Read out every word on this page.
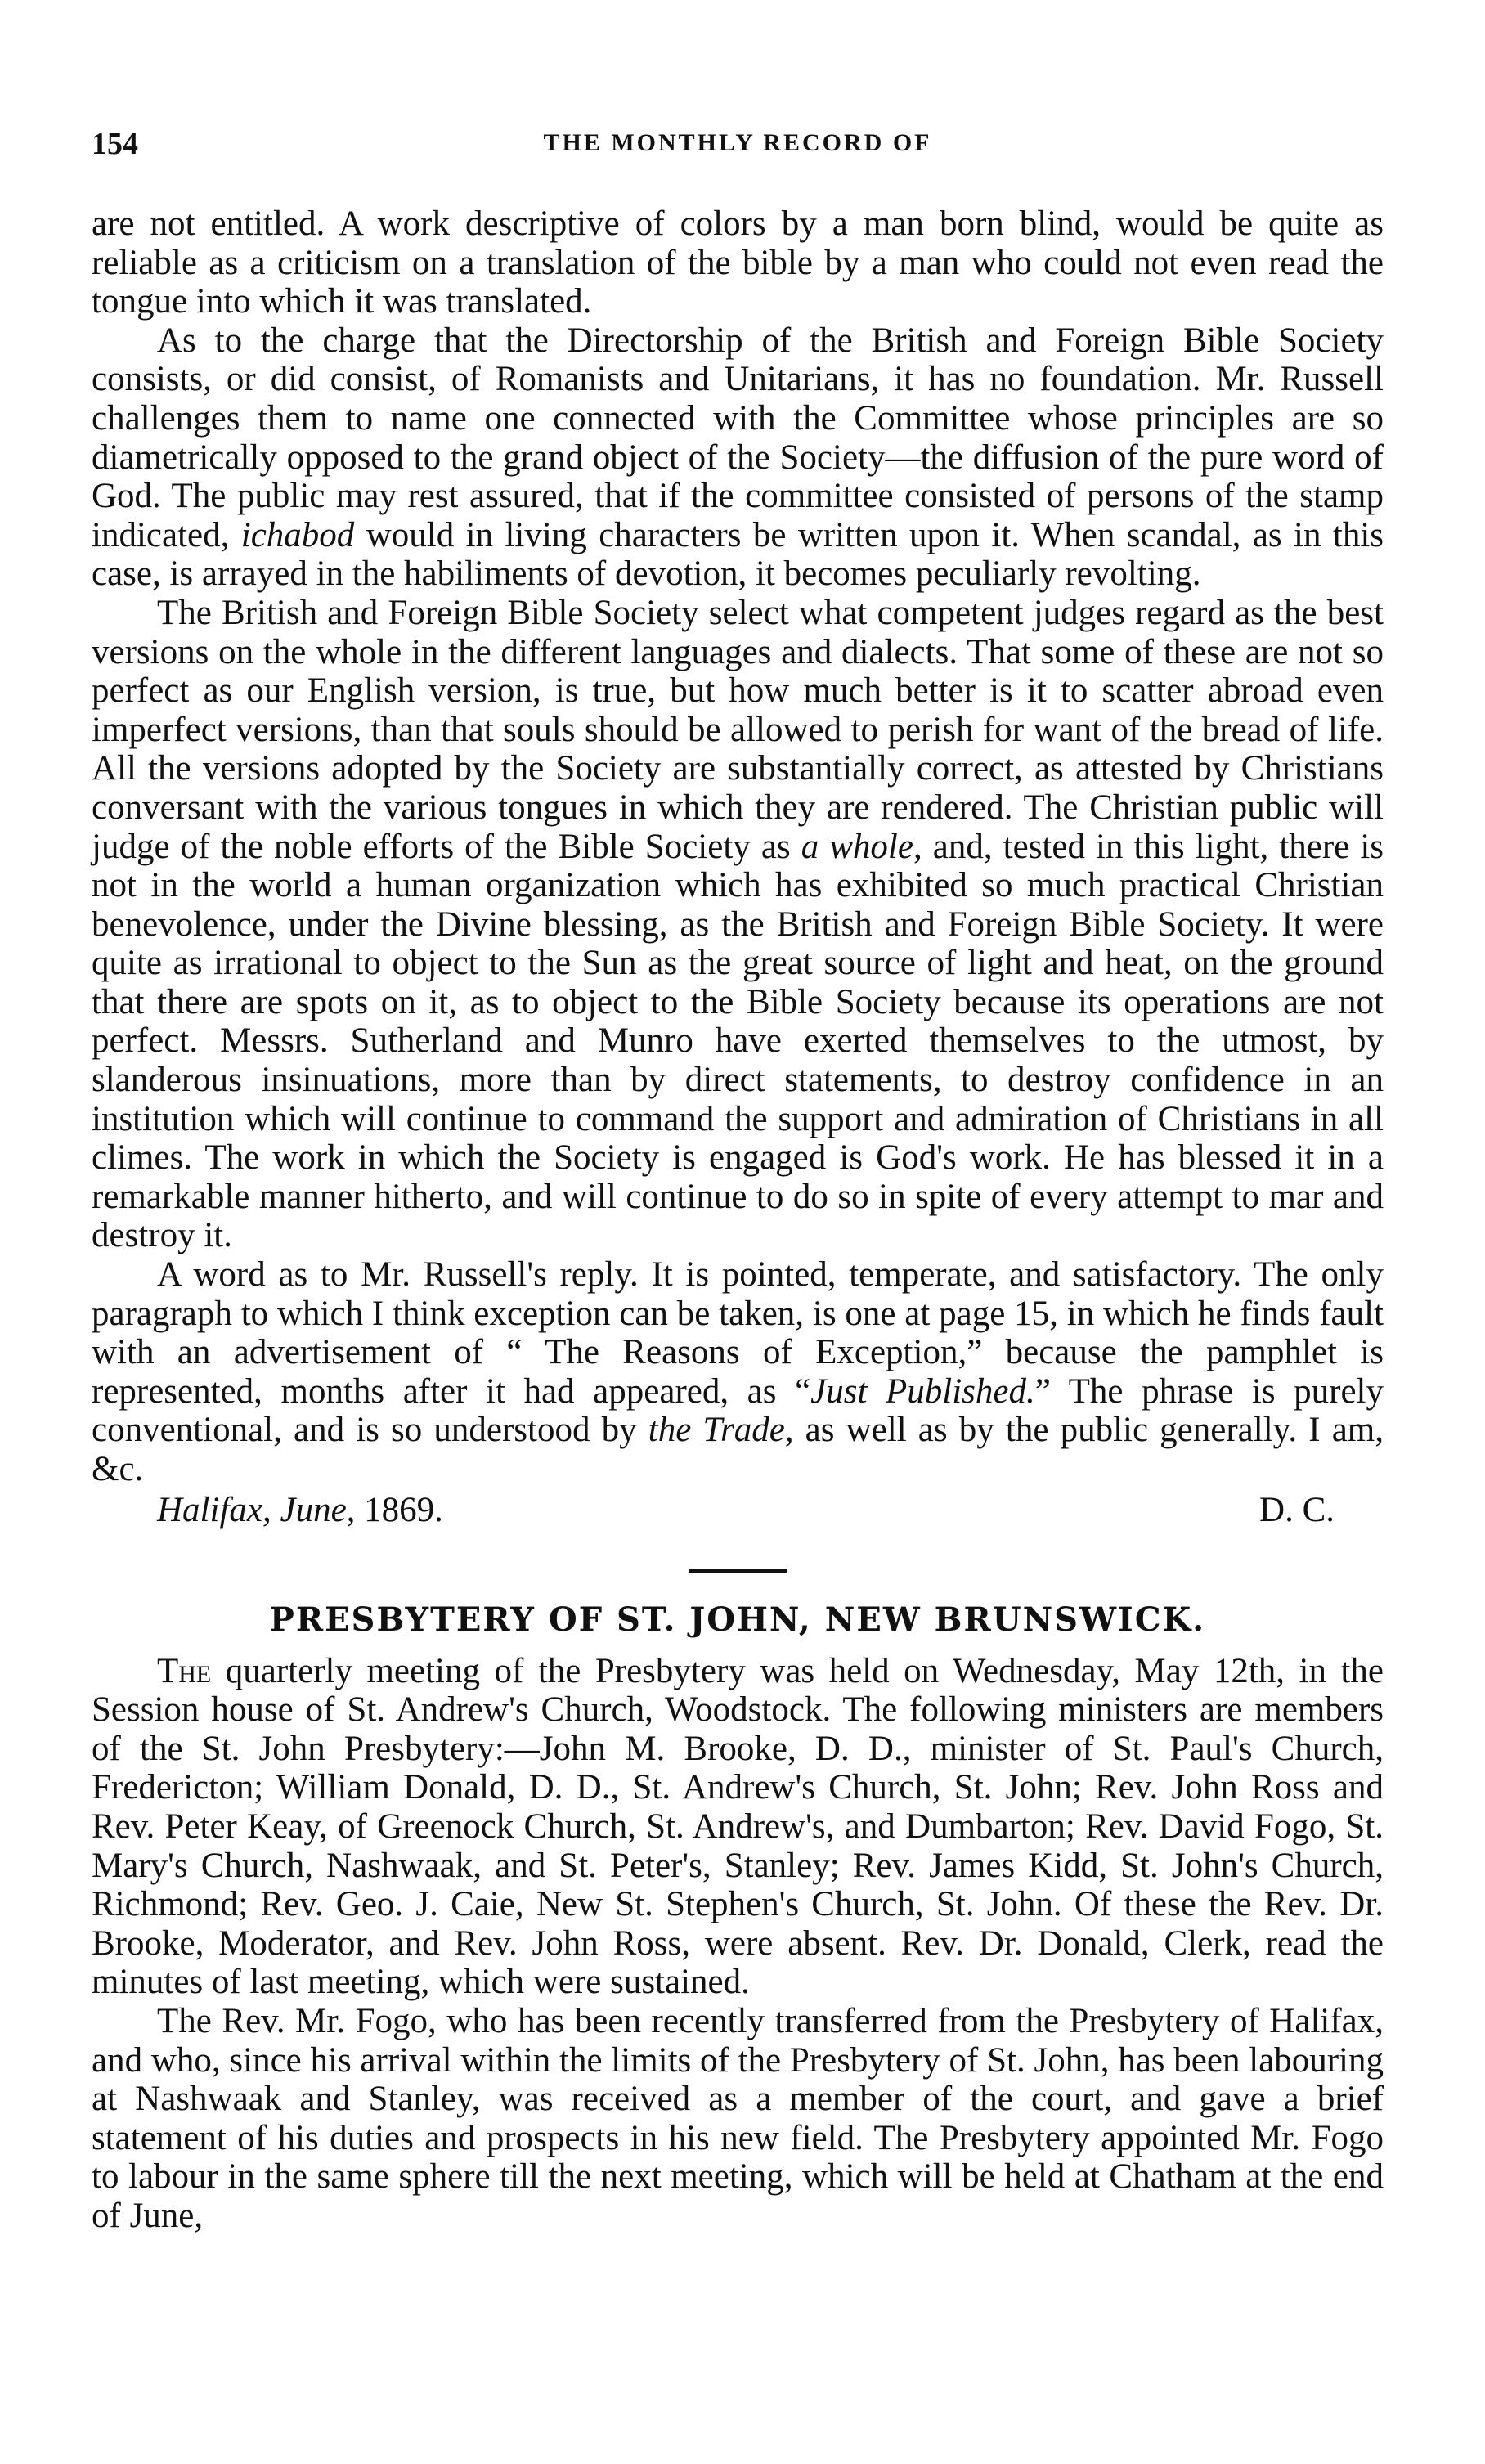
154	THE MONTHLY RECORD OF

are not entitled. A work descriptive of colors by a man born blind, would be quite as reliable as a criticism on a translation of the bible by a man who could not even read the tongue into which it was translated.

As to the charge that the Directorship of the British and Foreign Bible Society consists, or did consist, of Romanists and Unitarians, it has no foundation. Mr. Russell challenges them to name one connected with the Committee whose principles are so diametrically opposed to the grand object of the Society—the diffusion of the pure word of God. The public may rest assured, that if the committee consisted of persons of the stamp indicated, ichabod would in living characters be written upon it. When scandal, as in this case, is arrayed in the habiliments of devotion, it becomes peculiarly revolting.

The British and Foreign Bible Society select what competent judges regard as the best versions on the whole in the different languages and dialects. That some of these are not so perfect as our English version, is true, but how much better is it to scatter abroad even imperfect versions, than that souls should be allowed to perish for want of the bread of life. All the versions adopted by the Society are substantially correct, as attested by Christians conversant with the various tongues in which they are rendered. The Christian public will judge of the noble efforts of the Bible Society as a whole, and, tested in this light, there is not in the world a human organization which has exhibited so much practical Christian benevolence, under the Divine blessing, as the British and Foreign Bible Society. It were quite as irrational to object to the Sun as the great source of light and heat, on the ground that there are spots on it, as to object to the Bible Society because its operations are not perfect. Messrs. Sutherland and Munro have exerted themselves to the utmost, by slanderous insinuations, more than by direct statements, to destroy confidence in an institution which will continue to command the support and admiration of Christians in all climes. The work in which the Society is engaged is God's work. He has blessed it in a remarkable manner hitherto, and will continue to do so in spite of every attempt to mar and destroy it.

A word as to Mr. Russell's reply. It is pointed, temperate, and satisfactory. The only paragraph to which I think exception can be taken, is one at page 15, in which he finds fault with an advertisement of “ The Reasons of Exception,” because the pamphlet is represented, months after it had appeared, as “Just Published.” The phrase is purely conventional, and is so understood by the Trade, as well as by the public generally. I am, &c.

Halifax, June, 1869.	D. C.
PRESBYTERY OF ST. JOHN, NEW BRUNSWICK.

The quarterly meeting of the Presbytery was held on Wednesday, May 12th, in the Session house of St. Andrew's Church, Woodstock. The following ministers are members of the St. John Presbytery:—John M. Brooke, D. D., minister of St. Paul's Church, Fredericton; William Donald, D. D., St. Andrew's Church, St. John; Rev. John Ross and Rev. Peter Keay, of Greenock Church, St. Andrew's, and Dumbarton; Rev. David Fogo, St. Mary's Church, Nashwaak, and St. Peter's, Stanley; Rev. James Kidd, St. John's Church, Richmond; Rev. Geo. J. Caie, New St. Stephen's Church, St. John. Of these the Rev. Dr. Brooke, Moderator, and Rev. John Ross, were absent. Rev. Dr. Donald, Clerk, read the minutes of last meeting, which were sustained.

The Rev. Mr. Fogo, who has been recently transferred from the Presbytery of Halifax, and who, since his arrival within the limits of the Presbytery of St. John, has been labouring at Nashwaak and Stanley, was received as a member of the court, and gave a brief statement of his duties and prospects in his new field. The Presbytery appointed Mr. Fogo to labour in the same sphere till the next meeting, which will be held at Chatham at the end of June,
